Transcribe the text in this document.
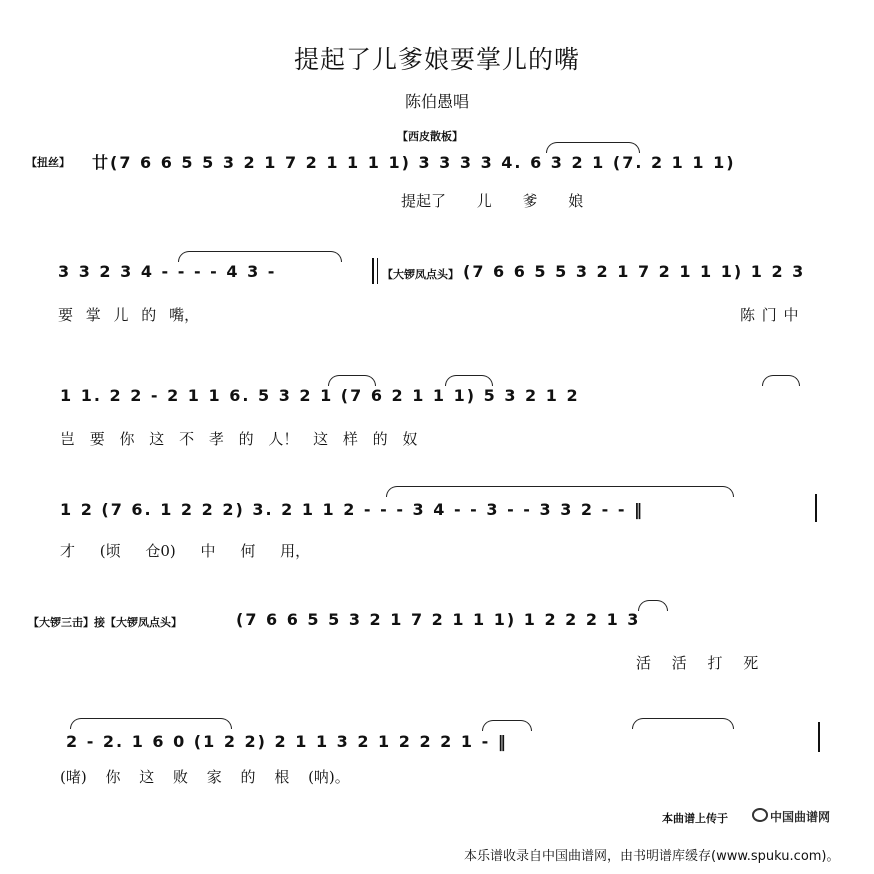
提起了儿爹娘要掌儿的嘴
陈伯愚唱
【西皮散板】
【扭丝】 廿(7 6 6 5 5 3 2 1 7 2 1 1 1 1) 3 3 3 3 4. 6 3 2 1 (7. 2 1 1 1)
提起了 儿 爹 娘
3 3 2 3 4 - - - - 4 3 -	【大锣凤点头】 (7 6 6 5 5 3 2 1 7 2 1 1 1) 1 2 3
要 掌 儿 的 嘴，	陈 门 中
1 1. 2 2 - 2 1 1 6. 5 3 2 1 (7 6 2 1 1 1) 5 3 2 1 2
岂 要 你 这 不 孝 的 人！ 这 样 的 奴
1 2 (7 6. 1 2 2 2) 3. 2 1 1 2 - - - 3 4 - - 3 - - 3 3 2 - - ‖
才 (顷 仓0) 中 何 用，
【大锣三击】接【大锣凤点头】	(7 6 6 5 5 3 2 1 7 2 1 1 1) 1 2 2 2 1 3
活 活 打 死
2 - 2. 1 6 0 (1 2 2) 2 1 1 3 2 1 2 2 2 1 - ‖
(啫) 你 这 败 家 的 根 (呐)。
本曲谱上传于	中国曲谱网
本乐谱收录自中国曲谱网，由书明谱库缓存(www.spuku.com)。
